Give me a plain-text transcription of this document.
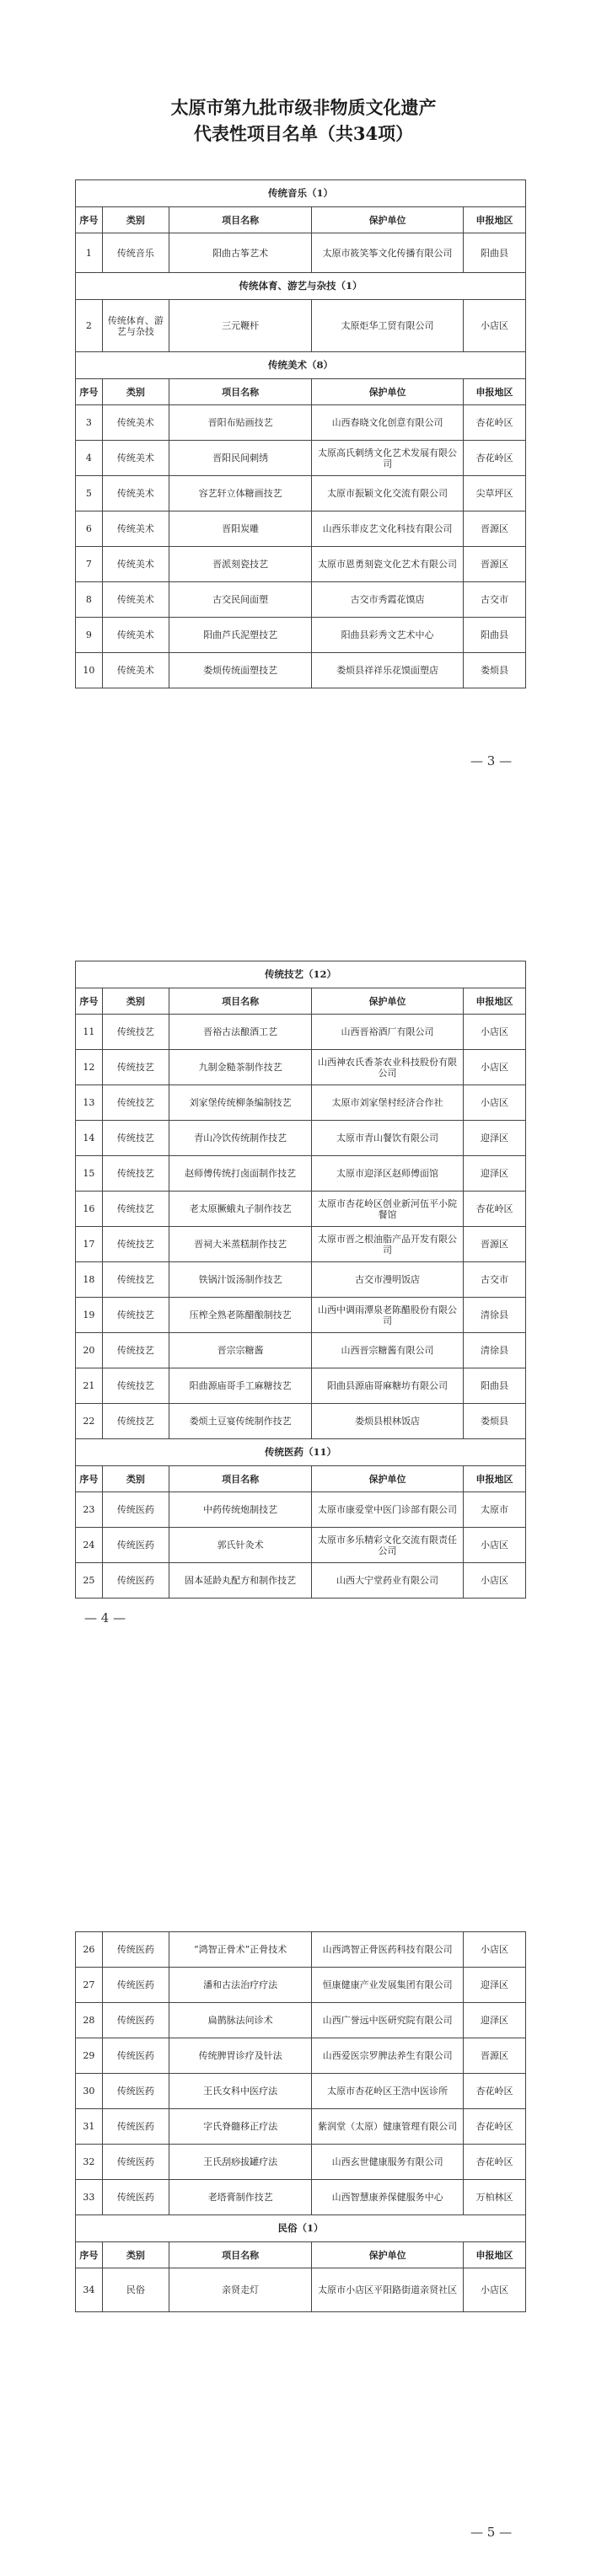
太原市第九批市级非物质文化遗产
代表性项目名单（共34项）
传统音乐（1）				
序号	类别	项目名称	保护单位	申报地区
1	传统音乐	阳曲古筝艺术	太原市筱笑筝文化传播有限公司	阳曲县
传统体育、游艺与杂技（1）				
2	传统体育、游艺与杂技	三元鞭杆	太原炬华工贸有限公司	小店区
传统美术（8）				
序号	类别	项目名称	保护单位	申报地区
3	传统美术	晋阳布贴画技艺	山西春晓文化创意有限公司	杏花岭区
4	传统美术	晋阳民间刺绣	太原高氏刺绣文化艺术发展有限公司	杏花岭区
5	传统美术	容艺轩立体糖画技艺	太原市振颖文化交流有限公司	尖草坪区
6	传统美术	晋阳炭雕	山西乐菲皮艺文化科技有限公司	晋源区
7	传统美术	晋派刻瓷技艺	太原市恩勇刻瓷文化艺术有限公司	晋源区
8	传统美术	古交民间面塑	古交市秀霞花馍店	古交市
9	传统美术	阳曲芦氏泥塑技艺	阳曲县彩秀文艺术中心	阳曲县
10	传统美术	娄烦传统面塑技艺	娄烦县祥祥乐花馍面塑店	娄烦县
— 3 —
传统技艺（12）				
序号	类别	项目名称	保护单位	申报地区
11	传统技艺	晋裕古法酿酒工艺	山西晋裕酒厂有限公司	小店区
12	传统技艺	九制金糙茶制作技艺	山西神农氏香茶农业科技股份有限公司	小店区
13	传统技艺	刘家堡传统柳条编制技艺	太原市刘家堡村经济合作社	小店区
14	传统技艺	青山冷饮传统制作技艺	太原市青山餐饮有限公司	迎泽区
15	传统技艺	赵师傅传统打卤面制作技艺	太原市迎泽区赵师傅面馆	迎泽区
16	传统技艺	老太原撅蛾丸子制作技艺	太原市杏花岭区创业新河伍平小院餐馆	杏花岭区
17	传统技艺	晋祠大米蒸糕制作技艺	太原市晋之根油脂产品开发有限公司	晋源区
18	传统技艺	铁锅汁饭汤制作技艺	古交市漫明饭店	古交市
19	传统技艺	压榨全熟老陈醋酿制技艺	山西中调雨潭泉老陈醋股份有限公司	清徐县
20	传统技艺	晋宗宗糖酱	山西晋宗糖酱有限公司	清徐县
21	传统技艺	阳曲源庙哥手工麻糖技艺	阳曲县源庙哥麻糖坊有限公司	阳曲县
22	传统技艺	娄烦土豆宴传统制作技艺	娄烦县根林饭店	娄烦县
传统医药（11）				
序号	类别	项目名称	保护单位	申报地区
23	传统医药	中药传统炮制技艺	太原市康爱堂中医门诊部有限公司	太原市
24	传统医药	郭氏针灸术	太原市多乐精彩文化交流有限责任公司	小店区
25	传统医药	固本延龄丸配方和制作技艺	山西大宁堂药业有限公司	小店区
— 4 —
26	传统医药	“鸿智正骨术”正骨技术	山西鸿智正骨医药科技有限公司	小店区
27	传统医药	潘和古法治疗疗法	恒康健康产业发展集团有限公司	迎泽区
28	传统医药	扁鹊脉法问诊术	山西广誉远中医研究院有限公司	迎泽区
29	传统医药	传统脾胃诊疗及针法	山西爱医宗罗脾法养生有限公司	晋源区
30	传统医药	王氏女科中医疗法	太原市杏花岭区王浩中医诊所	杏花岭区
31	传统医药	字氏脊髓移正疗法	紫润堂（太原）健康管理有限公司	杏花岭区
32	传统医药	王氏刮痧拔罐疗法	山西玄世健康服务有限公司	杏花岭区
33	传统医药	老塔膏制作技艺	山西智慧康养保健服务中心	万柏林区
民俗（1）				
序号	类别	项目名称	保护单位	申报地区
34	民俗	亲贤走灯	太原市小店区平阳路街道亲贤社区	小店区
— 5 —
